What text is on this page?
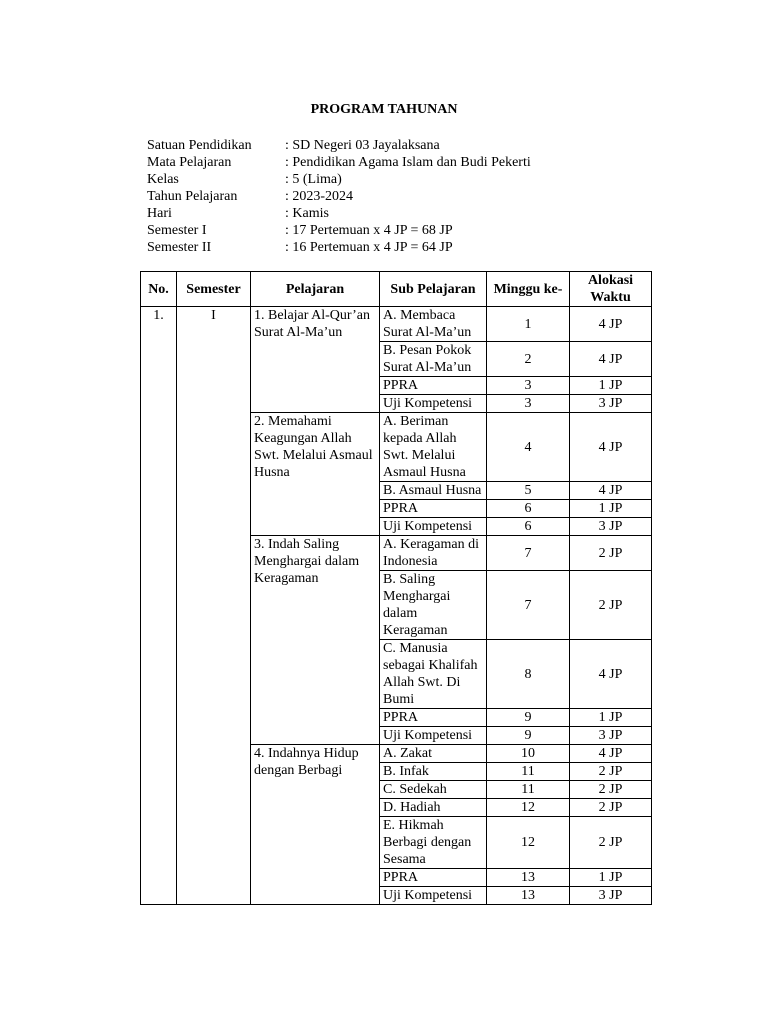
PROGRAM TAHUNAN
Satuan Pendidikan : SD Negeri 03 Jayalaksana
Mata Pelajaran	: Pendidikan Agama Islam dan Budi Pekerti
Kelas	: 5 (Lima)
Tahun Pelajaran	: 2023-2024
Hari	: Kamis
Semester I	: 17 Pertemuan x 4 JP = 68 JP
Semester II	: 16 Pertemuan x 4 JP = 64 JP
No.	Semester	Pelajaran	Sub Pelajaran	Minggu ke-	Alokasi Waktu
1.	I	1. Belajar Al-Qur’an Surat Al-Ma’un	A. Membaca Surat Al-Ma’un	1	4 JP
			B. Pesan Pokok Surat Al-Ma’un	2	4 JP
			PPRA	3	1 JP
			Uji Kompetensi	3	3 JP
		2. Memahami Keagungan Allah Swt. Melalui Asmaul Husna	A. Beriman kepada Allah Swt. Melalui Asmaul Husna	4	4 JP
			B. Asmaul Husna	5	4 JP
			PPRA	6	1 JP
			Uji Kompetensi	6	3 JP
		3. Indah Saling Menghargai dalam Keragaman	A. Keragaman di Indonesia	7	2 JP
			B. Saling Menghargai dalam Keragaman	7	2 JP
			C. Manusia sebagai Khalifah Allah Swt. Di Bumi	8	4 JP
			PPRA	9	1 JP
			Uji Kompetensi	9	3 JP
		4. Indahnya Hidup dengan Berbagi	A. Zakat	10	4 JP
			B. Infak	11	2 JP
			C. Sedekah	11	2 JP
			D. Hadiah	12	2 JP
			E. Hikmah Berbagi dengan Sesama	12	2 JP
			PPRA	13	1 JP
			Uji Kompetensi	13	3 JP
